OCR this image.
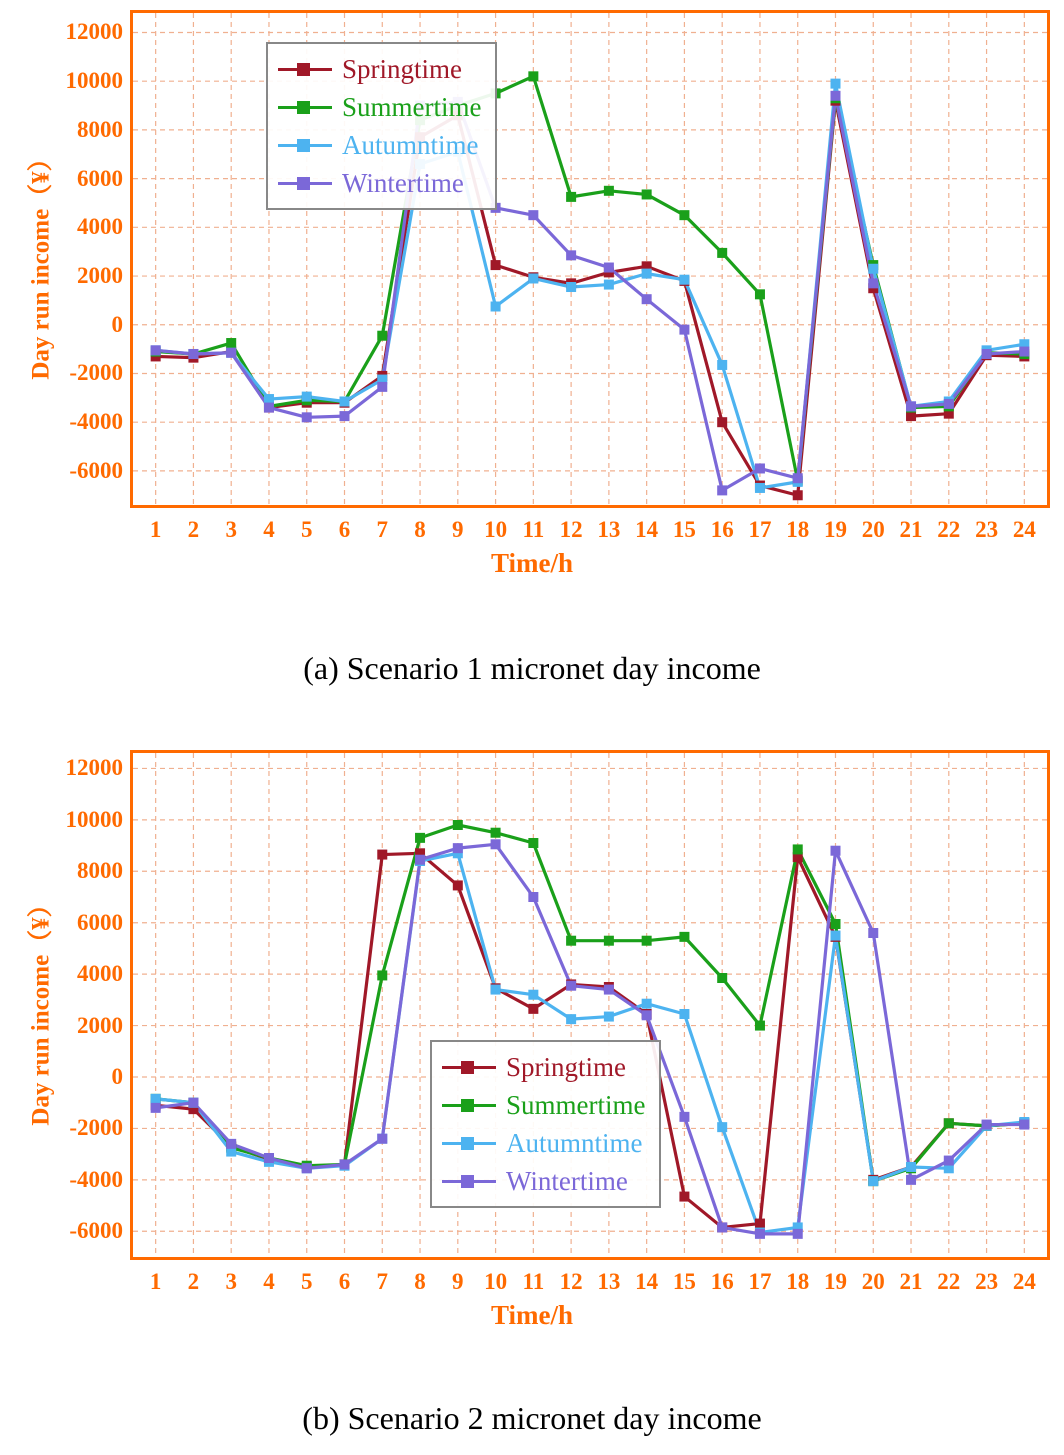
Day run income（¥）
-6000
-4000
-2000
0
2000
4000
6000
8000
10000
12000
1 2 3 4 5 6 7 8 9 10 11 12 13 14 15 16 17 18 19 20 21 22 23 24
Time/h
Springtime
Summertime
Autumntime
Wintertime
(a) Scenario 1 micronet day income
Day run income（¥）
-6000
-4000
-2000
0
2000
4000
6000
8000
10000
12000
1 2 3 4 5 6 7 8 9 10 11 12 13 14 15 16 17 18 19 20 21 22 23 24
Time/h
Springtime
Summertime
Autumntime
Wintertime
(b) Scenario 2 micronet day income
